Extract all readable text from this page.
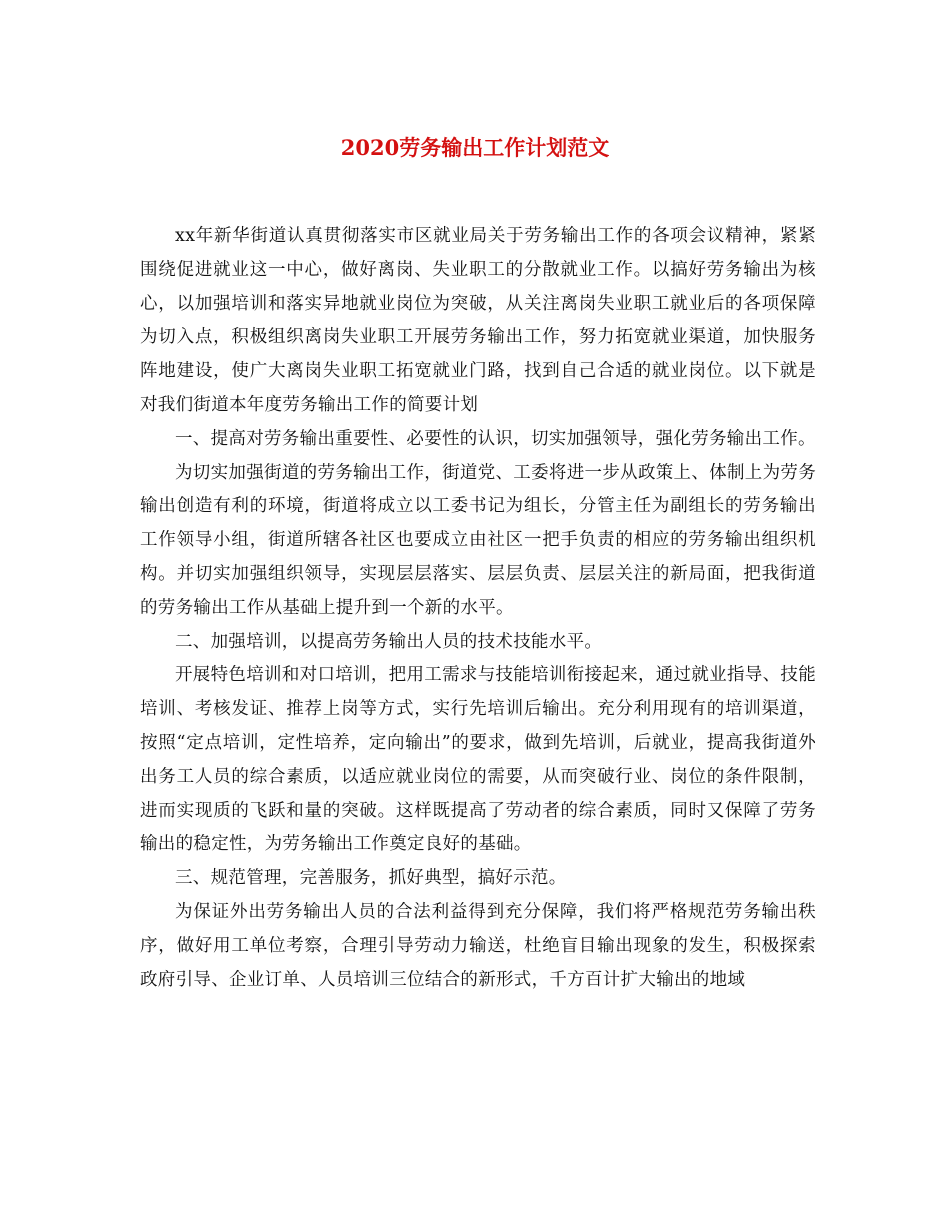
2020劳务输出工作计划范文

xx年新华街道认真贯彻落实市区就业局关于劳务输出工作的各项会议精神，紧紧围绕促进就业这一中心，做好离岗、失业职工的分散就业工作。以搞好劳务输出为核心，以加强培训和落实异地就业岗位为突破，从关注离岗失业职工就业后的各项保障为切入点，积极组织离岗失业职工开展劳务输出工作，努力拓宽就业渠道，加快服务阵地建设，使广大离岗失业职工拓宽就业门路，找到自己合适的就业岗位。以下就是对我们街道本年度劳务输出工作的简要计划

一、提高对劳务输出重要性、必要性的认识，切实加强领导，强化劳务输出工作。

为切实加强街道的劳务输出工作，街道党、工委将进一步从政策上、体制上为劳务输出创造有利的环境，街道将成立以工委书记为组长，分管主任为副组长的劳务输出工作领导小组，街道所辖各社区也要成立由社区一把手负责的相应的劳务输出组织机构。并切实加强组织领导，实现层层落实、层层负责、层层关注的新局面，把我街道的劳务输出工作从基础上提升到一个新的水平。

二、加强培训，以提高劳务输出人员的技术技能水平。

开展特色培训和对口培训，把用工需求与技能培训衔接起来，通过就业指导、技能培训、考核发证、推荐上岗等方式，实行先培训后输出。充分利用现有的培训渠道，按照“定点培训，定性培养，定向输出”的要求，做到先培训，后就业，提高我街道外出务工人员的综合素质，以适应就业岗位的需要，从而突破行业、岗位的条件限制，进而实现质的飞跃和量的突破。这样既提高了劳动者的综合素质，同时又保障了劳务输出的稳定性，为劳务输出工作奠定良好的基础。

三、规范管理，完善服务，抓好典型，搞好示范。

为保证外出劳务输出人员的合法利益得到充分保障，我们将严格规范劳务输出秩序，做好用工单位考察，合理引导劳动力输送，杜绝盲目输出现象的发生，积极探索政府引导、企业订单、人员培训三位结合的新形式，千方百计扩大输出的地域
